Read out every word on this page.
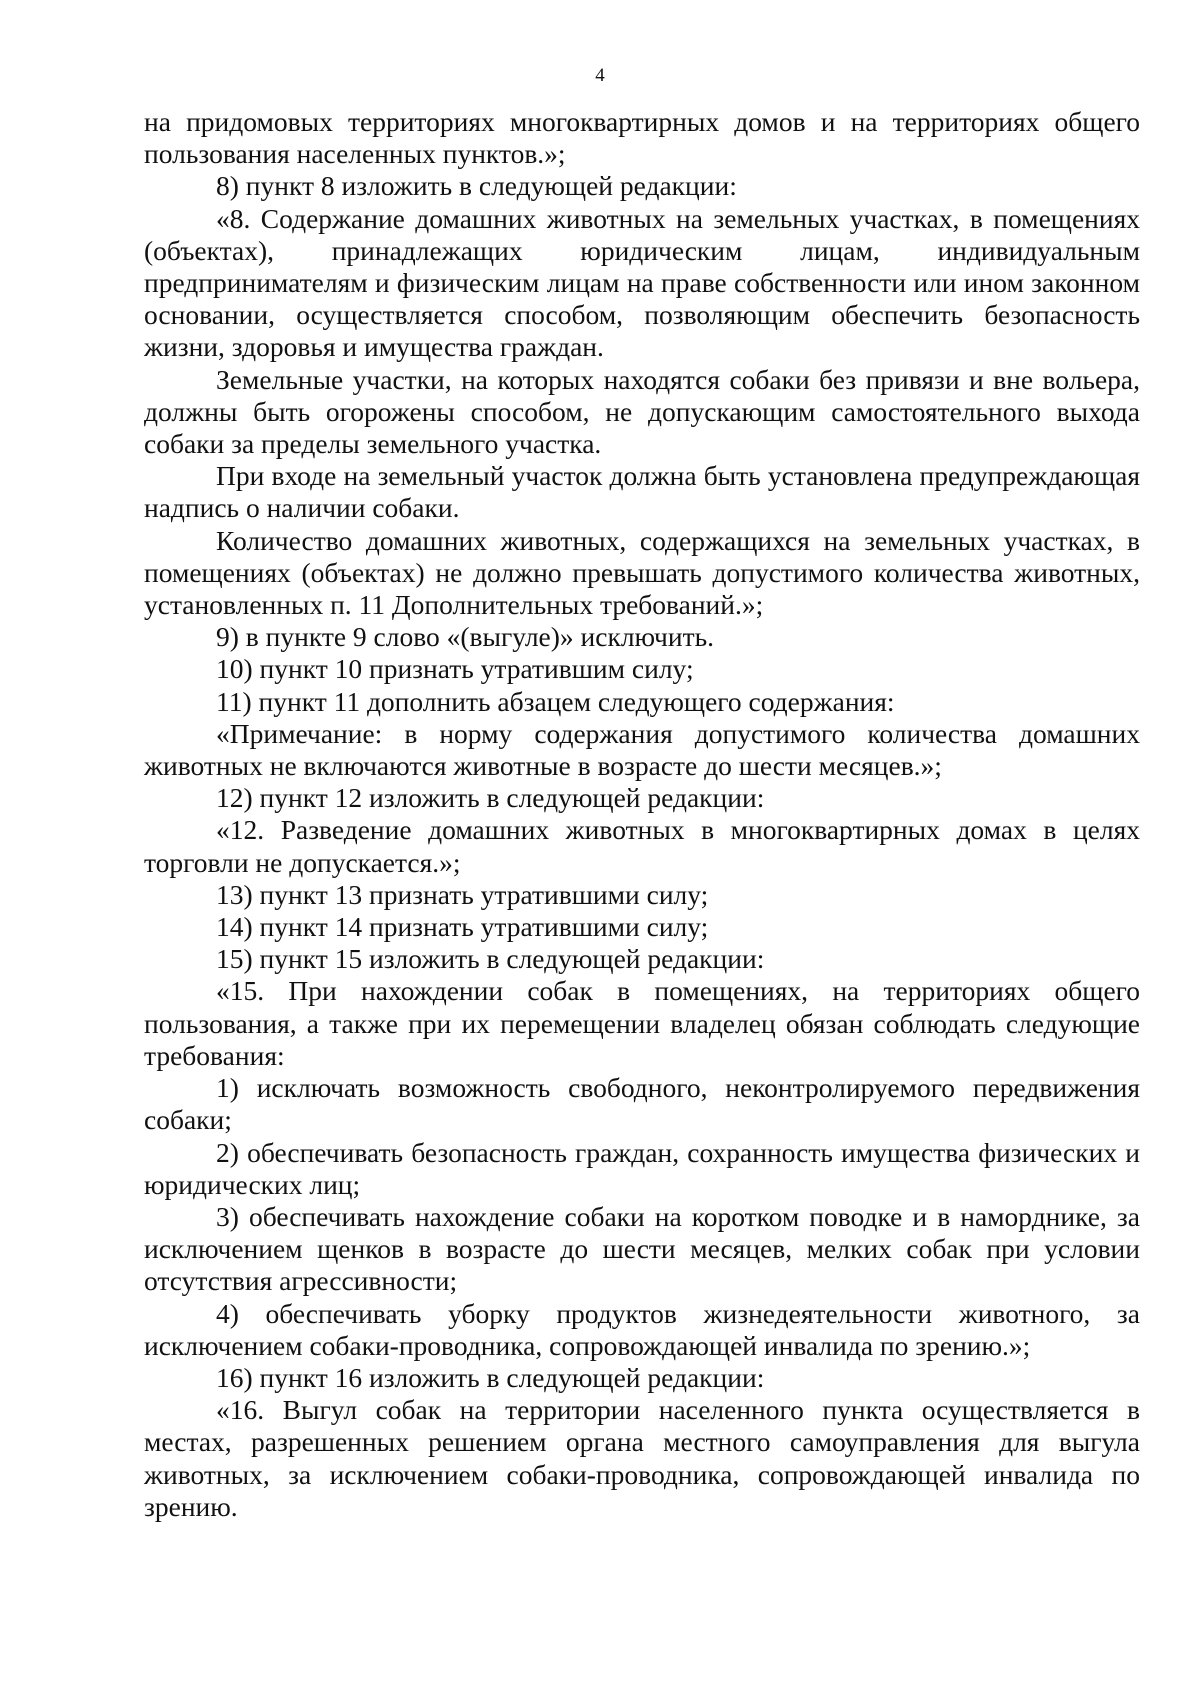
4

на придомовых территориях многоквартирных домов и на территориях общего пользования населенных пунктов.»;

8) пункт 8 изложить в следующей редакции:

«8. Содержание домашних животных на земельных участках, в помещениях (объектах), принадлежащих юридическим лицам, индивидуальным предпринимателям и физическим лицам на праве собственности или ином законном основании, осуществляется способом, позволяющим обеспечить безопасность жизни, здоровья и имущества граждан.

Земельные участки, на которых находятся собаки без привязи и вне вольера, должны быть огорожены способом, не допускающим самостоятельного выхода собаки за пределы земельного участка.

При входе на земельный участок должна быть установлена предупреждающая надпись о наличии собаки.

Количество домашних животных, содержащихся на земельных участках, в помещениях (объектах) не должно превышать допустимого количества животных, установленных п. 11 Дополнительных требований.»;

9) в пункте 9 слово «(выгуле)» исключить.

10) пункт 10 признать утратившим силу;

11) пункт 11 дополнить абзацем следующего содержания:

«Примечание: в норму содержания допустимого количества домашних животных не включаются животные в возрасте до шести месяцев.»;

12) пункт 12 изложить в следующей редакции:

«12. Разведение домашних животных в многоквартирных домах в целях торговли не допускается.»;

13) пункт 13 признать утратившими силу;

14) пункт 14 признать утратившими силу;

15) пункт 15 изложить в следующей редакции:

«15. При нахождении собак в помещениях, на территориях общего пользования, а также при их перемещении владелец обязан соблюдать следующие требования:

1) исключать возможность свободного, неконтролируемого передвижения собаки;

2) обеспечивать безопасность граждан, сохранность имущества физических и юридических лиц;

3) обеспечивать нахождение собаки на коротком поводке и в наморднике, за исключением щенков в возрасте до шести месяцев, мелких собак при условии отсутствия агрессивности;

4) обеспечивать уборку продуктов жизнедеятельности животного, за исключением собаки-проводника, сопровождающей инвалида по зрению.»;

16) пункт 16 изложить в следующей редакции:

«16. Выгул собак на территории населенного пункта осуществляется в местах, разрешенных решением органа местного самоуправления для выгула животных, за исключением собаки-проводника, сопровождающей инвалида по зрению.
